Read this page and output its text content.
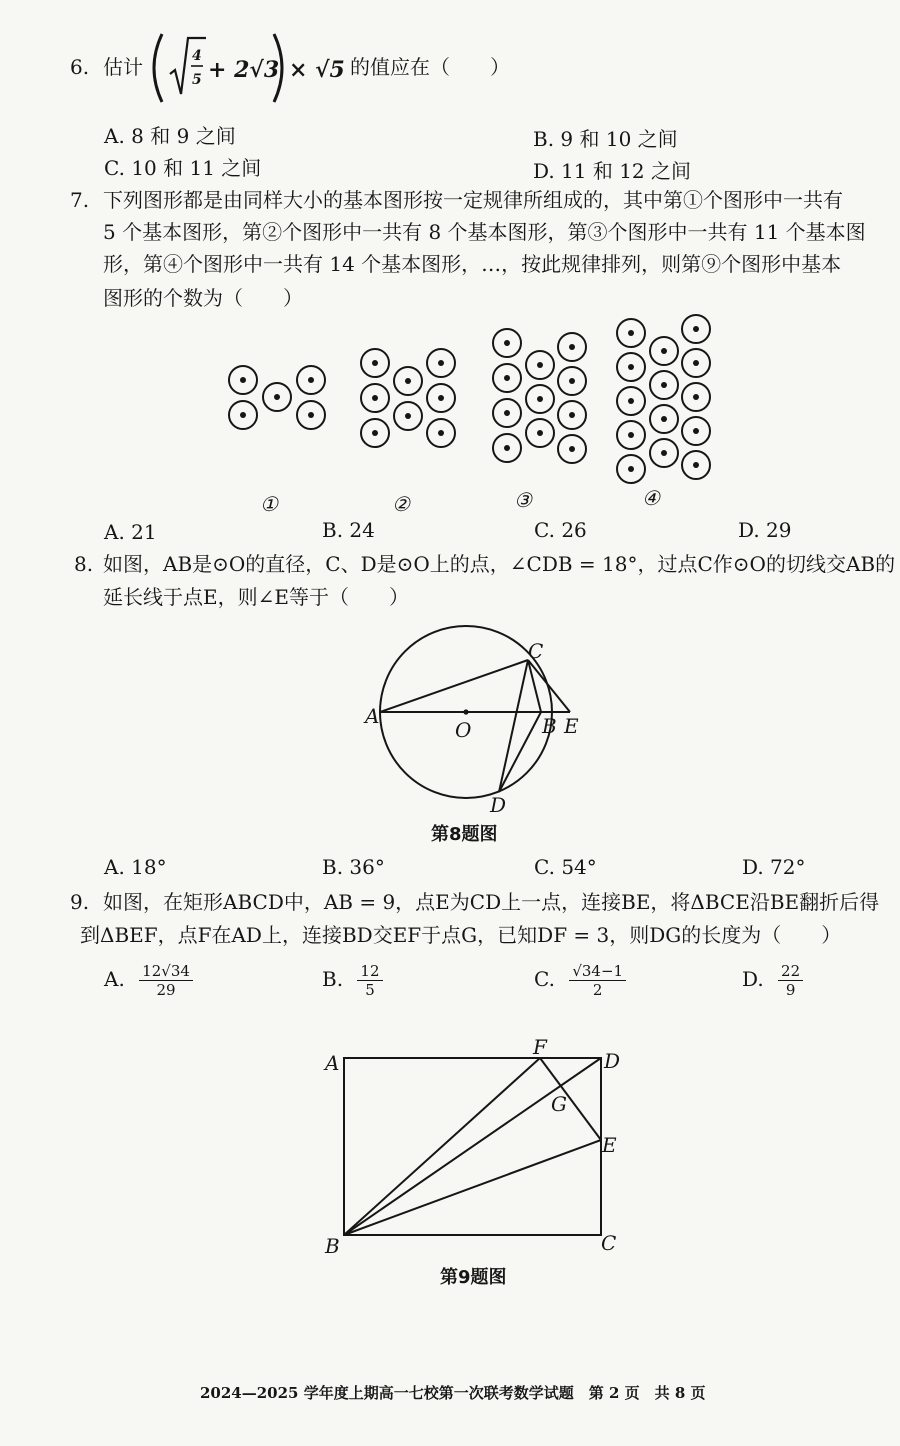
6. 估计	4
5 + 2√3 × √5 的值应在（　　）
A. 8 和 9 之间	B. 9 和 10 之间
C. 10 和 11 之间	D. 11 和 12 之间
7. 下列图形都是由同样大小的基本图形按一定规律所组成的，其中第①个图形中一共有
5 个基本图形，第②个图形中一共有 8 个基本图形，第③个图形中一共有 11 个基本图
形，第④个图形中一共有 14 个基本图形，…，按此规律排列，则第⑨个图形中基本
图形的个数为（　　）
①	②	③	④
A. 21	B. 24	C. 26	D. 29
8. 如图，AB是⊙O的直径，C、D是⊙O上的点，∠CDB = 18°，过点C作⊙O的切线交AB的
延长线于点E，则∠E等于（　　）
A
O	B E
C
D
第8题图
A. 18°	B. 36°	C. 54°	D. 72°
9. 如图，在矩形ABCD中，AB = 9，点E为CD上一点，连接BE，将ΔBCE沿BE翻折后得
到ΔBEF，点F在AD上，连接BD交EF于点G，已知DF = 3，则DG的长度为（　　）
A. $\frac{12√34}{29}$	B. $\frac{12}{5}$	C. $\frac{√34-1}{2}$	D. $\frac{22}{9}$
A
F
D
G
E
B	C
第9题图
2024—2025 学年度上期高一七校第一次联考数学试题　第 2 页　共 8 页
